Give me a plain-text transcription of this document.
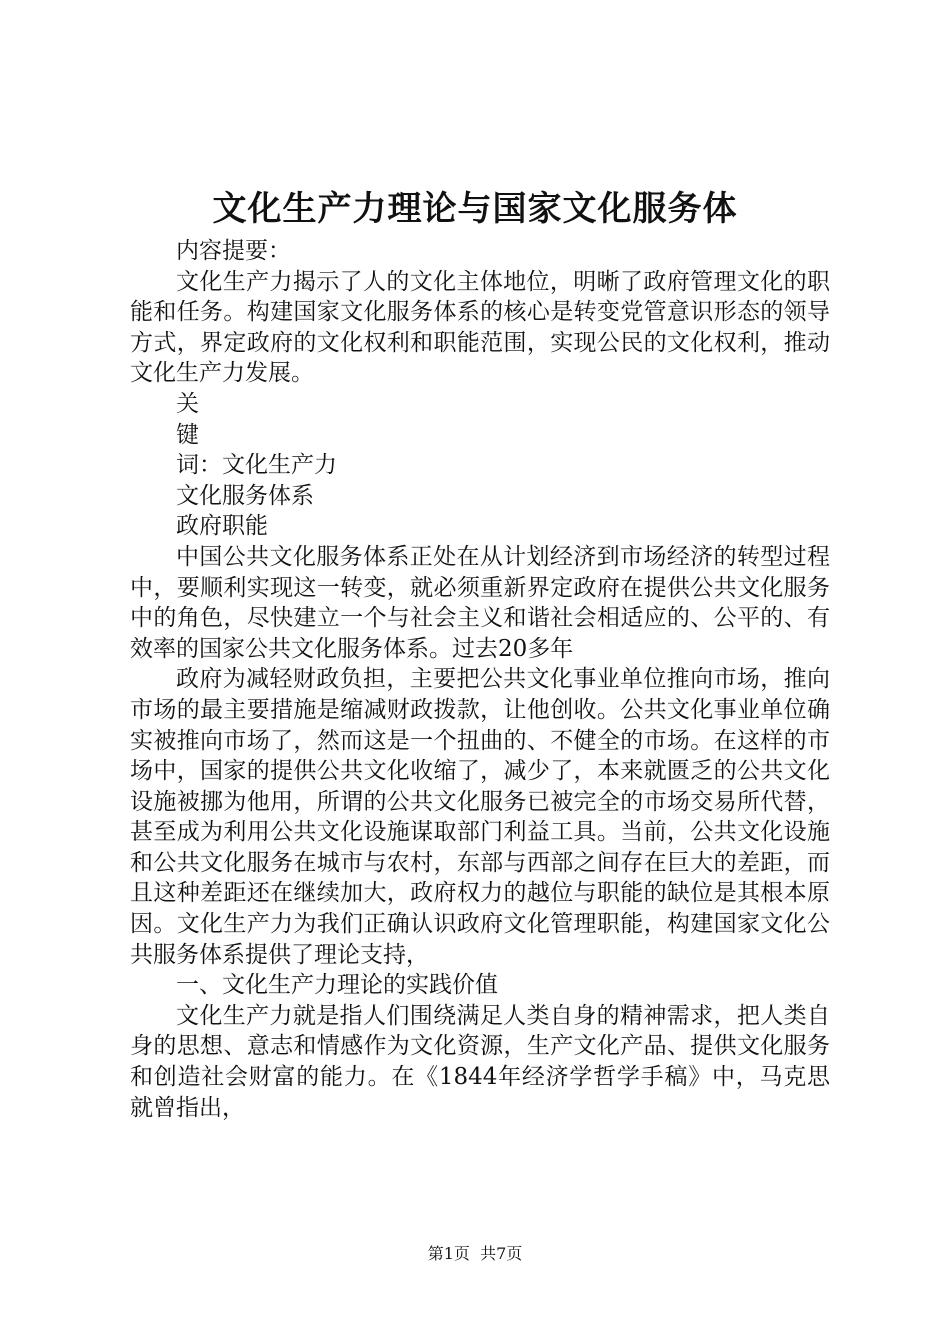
文化生产力理论与国家文化服务体

内容提要：

文化生产力揭示了人的文化主体地位，明晰了政府管理文化的职能和任务。构建国家文化服务体系的核心是转变党管意识形态的领导方式，界定政府的文化权利和职能范围，实现公民的文化权利，推动文化生产力发展。

关

键

词：文化生产力

文化服务体系

政府职能

中国公共文化服务体系正处在从计划经济到市场经济的转型过程中，要顺利实现这一转变，就必须重新界定政府在提供公共文化服务中的角色，尽快建立一个与社会主义和谐社会相适应的、公平的、有效率的国家公共文化服务体系。过去20多年

政府为减轻财政负担，主要把公共文化事业单位推向市场，推向市场的最主要措施是缩减财政拨款，让他创收。公共文化事业单位确实被推向市场了，然而这是一个扭曲的、不健全的市场。在这样的市场中，国家的提供公共文化收缩了，减少了，本来就匮乏的公共文化设施被挪为他用，所谓的公共文化服务已被完全的市场交易所代替，甚至成为利用公共文化设施谋取部门利益工具。当前，公共文化设施和公共文化服务在城市与农村，东部与西部之间存在巨大的差距，而且这种差距还在继续加大，政府权力的越位与职能的缺位是其根本原因。文化生产力为我们正确认识政府文化管理职能，构建国家文化公共服务体系提供了理论支持，

一、文化生产力理论的实践价值

文化生产力就是指人们围绕满足人类自身的精神需求，把人类自身的思想、意志和情感作为文化资源，生产文化产品、提供文化服务和创造社会财富的能力。在《1844年经济学哲学手稿》中，马克思就曾指出，

第1页  共7页
